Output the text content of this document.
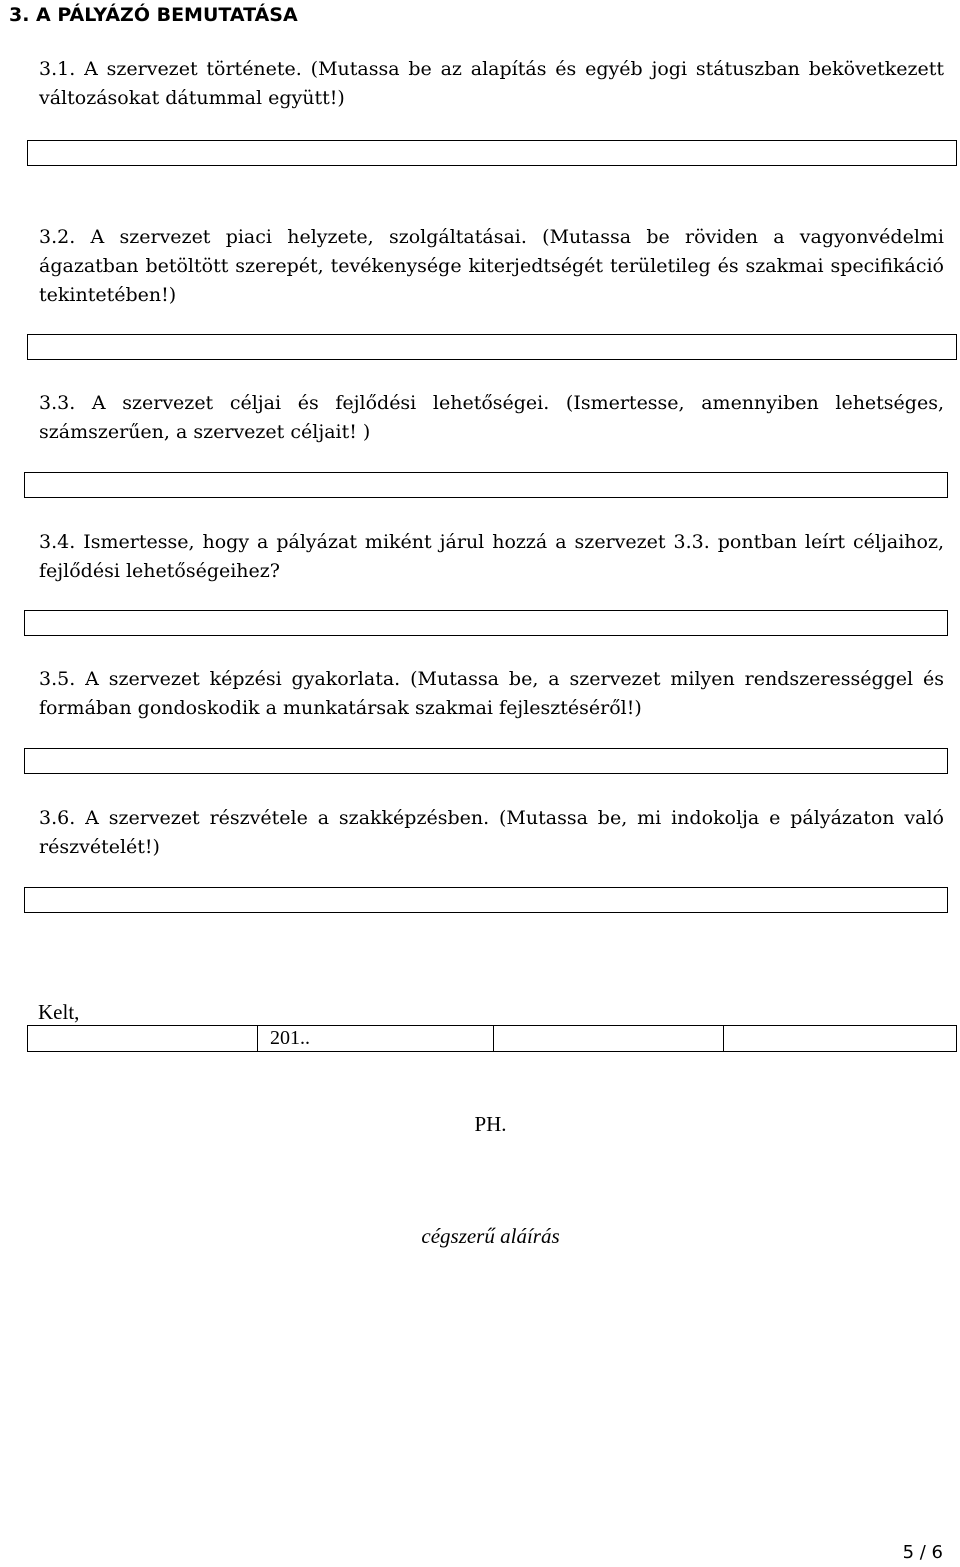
3. A PÁLYÁZÓ BEMUTATÁSA

3.1. A szervezet története. (Mutassa be az alapítás és egyéb jogi státuszban bekövetkezett változásokat dátummal együtt!)

3.2. A szervezet piaci helyzete, szolgáltatásai. (Mutassa be röviden a vagyonvédelmi ágazatban betöltött szerepét, tevékenysége kiterjedtségét területileg és szakmai specifikáció tekintetében!)

3.3. A szervezet céljai és fejlődési lehetőségei. (Ismertesse, amennyiben lehetséges, számszerűen, a szervezet céljait! )

3.4. Ismertesse, hogy a pályázat miként járul hozzá a szervezet 3.3. pontban leírt céljaihoz, fejlődési lehetőségeihez?

3.5. A szervezet képzési gyakorlata. (Mutassa be, a szervezet milyen rendszerességgel és formában gondoskodik a munkatársak szakmai fejlesztéséről!)

3.6. A szervezet részvétele a szakképzésben. (Mutassa be, mi indokolja e pályázaton való részvételét!)

Kelt,
201..
PH.
cégszerű aláírás
5 / 6
